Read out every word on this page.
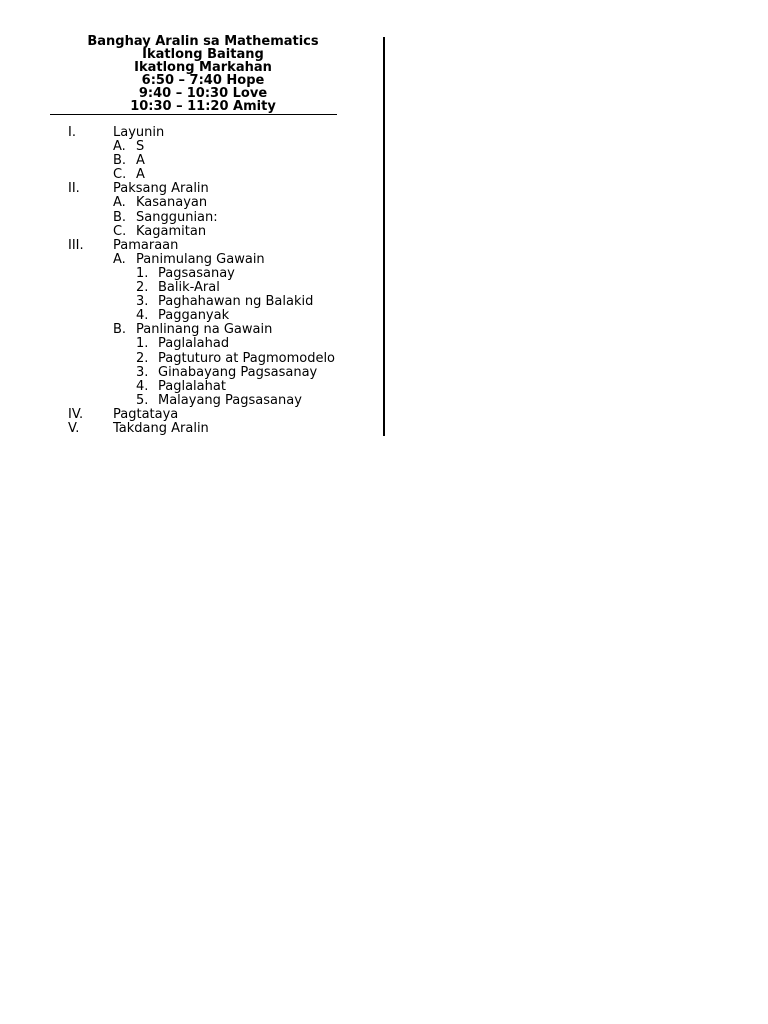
Banghay Aralin sa Mathematics
Ikatlong Baitang
Ikatlong Markahan
6:50 – 7:40 Hope
9:40 – 10:30 Love
10:30 – 11:20 Amity
I.	Layunin
A. S
B. A
C. A
II.	Paksang Aralin
A. Kasanayan
B. Sanggunian:
C. Kagamitan
III. Pamaraan
A. Panimulang Gawain
1. Pagsasanay
2. Balik-Aral
3. Paghahawan ng Balakid
4. Pagganyak
B. Panlinang na Gawain
1. Paglalahad
2. Pagtuturo at Pagmomodelo
3. Ginabayang Pagsasanay
4. Paglalahat
5. Malayang Pagsasanay
IV. Pagtataya
V.	Takdang Aralin
